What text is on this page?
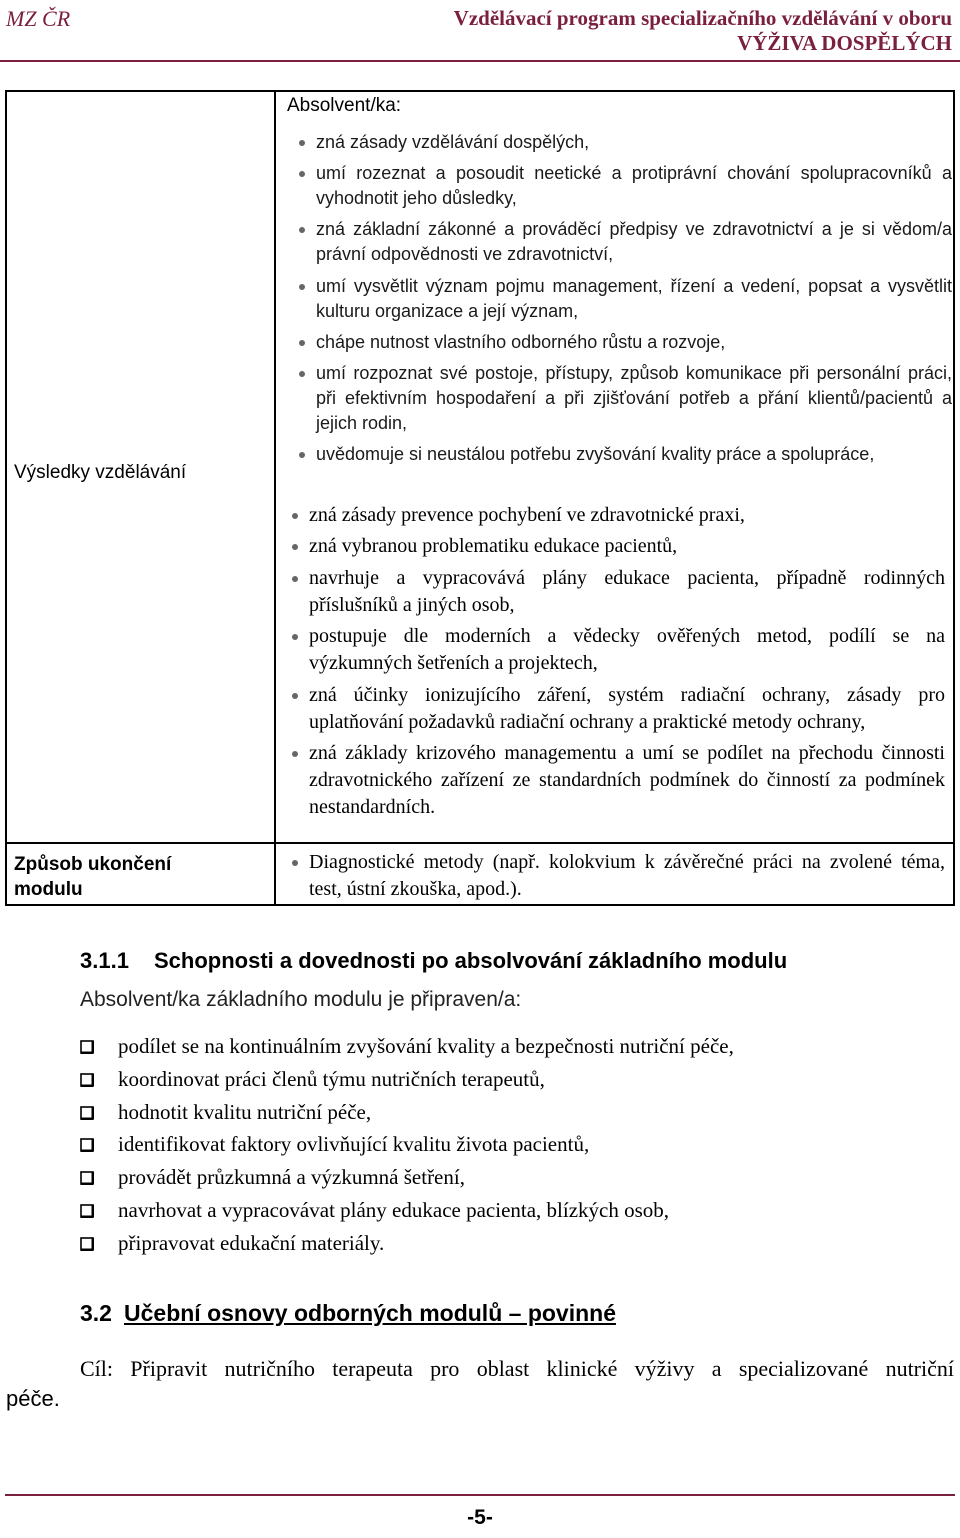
MZ ČR	Vzdělávací program specializačního vzdělávání v oboru
VÝŽIVA DOSPĚLÝCH
Výsledky vzdělávání
Způsob ukončení modulu
Absolvent/ka:
zná zásady vzdělávání dospělých,
umí rozeznat a posoudit neetické a protiprávní chování spolupracovníků a vyhodnotit jeho důsledky,
zná základní zákonné a prováděcí předpisy ve zdravotnictví a je si vědom/a právní odpovědnosti ve zdravotnictví,
umí vysvětlit význam pojmu management, řízení a vedení, popsat a vysvětlit kulturu organizace a její význam,
chápe nutnost vlastního odborného růstu a rozvoje,
umí rozpoznat své postoje, přístupy, způsob komunikace při personální práci, při efektivním hospodaření a při zjišťování potřeb a přání klientů/pacientů a jejich rodin,
uvědomuje si neustálou potřebu zvyšování kvality práce a spolupráce,
zná zásady prevence pochybení ve zdravotnické praxi,
zná vybranou problematiku edukace pacientů,
navrhuje a vypracovává plány edukace pacienta, případně rodinných příslušníků a jiných osob,
postupuje dle moderních a vědecky ověřených metod, podílí se na výzkumných šetřeních a projektech,
zná účinky ionizujícího záření, systém radiační ochrany, zásady pro uplatňování požadavků radiační ochrany a praktické metody ochrany,
zná základy krizového managementu a umí se podílet na přechodu činnosti zdravotnického zařízení ze standardních podmínek do činností za podmínek nestandardních.
Diagnostické metody (např. kolokvium k závěrečné práci na zvolené téma, test, ústní zkouška, apod.).
3.1.1 Schopnosti a dovednosti po absolvování základního modulu
Absolvent/ka základního modulu je připraven/a:
podílet se na kontinuálním zvyšování kvality a bezpečnosti nutriční péče,
koordinovat práci členů týmu nutričních terapeutů,
hodnotit kvalitu nutriční péče,
identifikovat faktory ovlivňující kvalitu života pacientů,
provádět průzkumná a výzkumná šetření,
navrhovat a vypracovávat plány edukace pacienta, blízkých osob,
připravovat edukační materiály.
3.2 Učební osnovy odborných modulů – povinné
Cíl: Připravit nutričního terapeuta pro oblast klinické výživy a specializované nutriční
péče.
-5-
